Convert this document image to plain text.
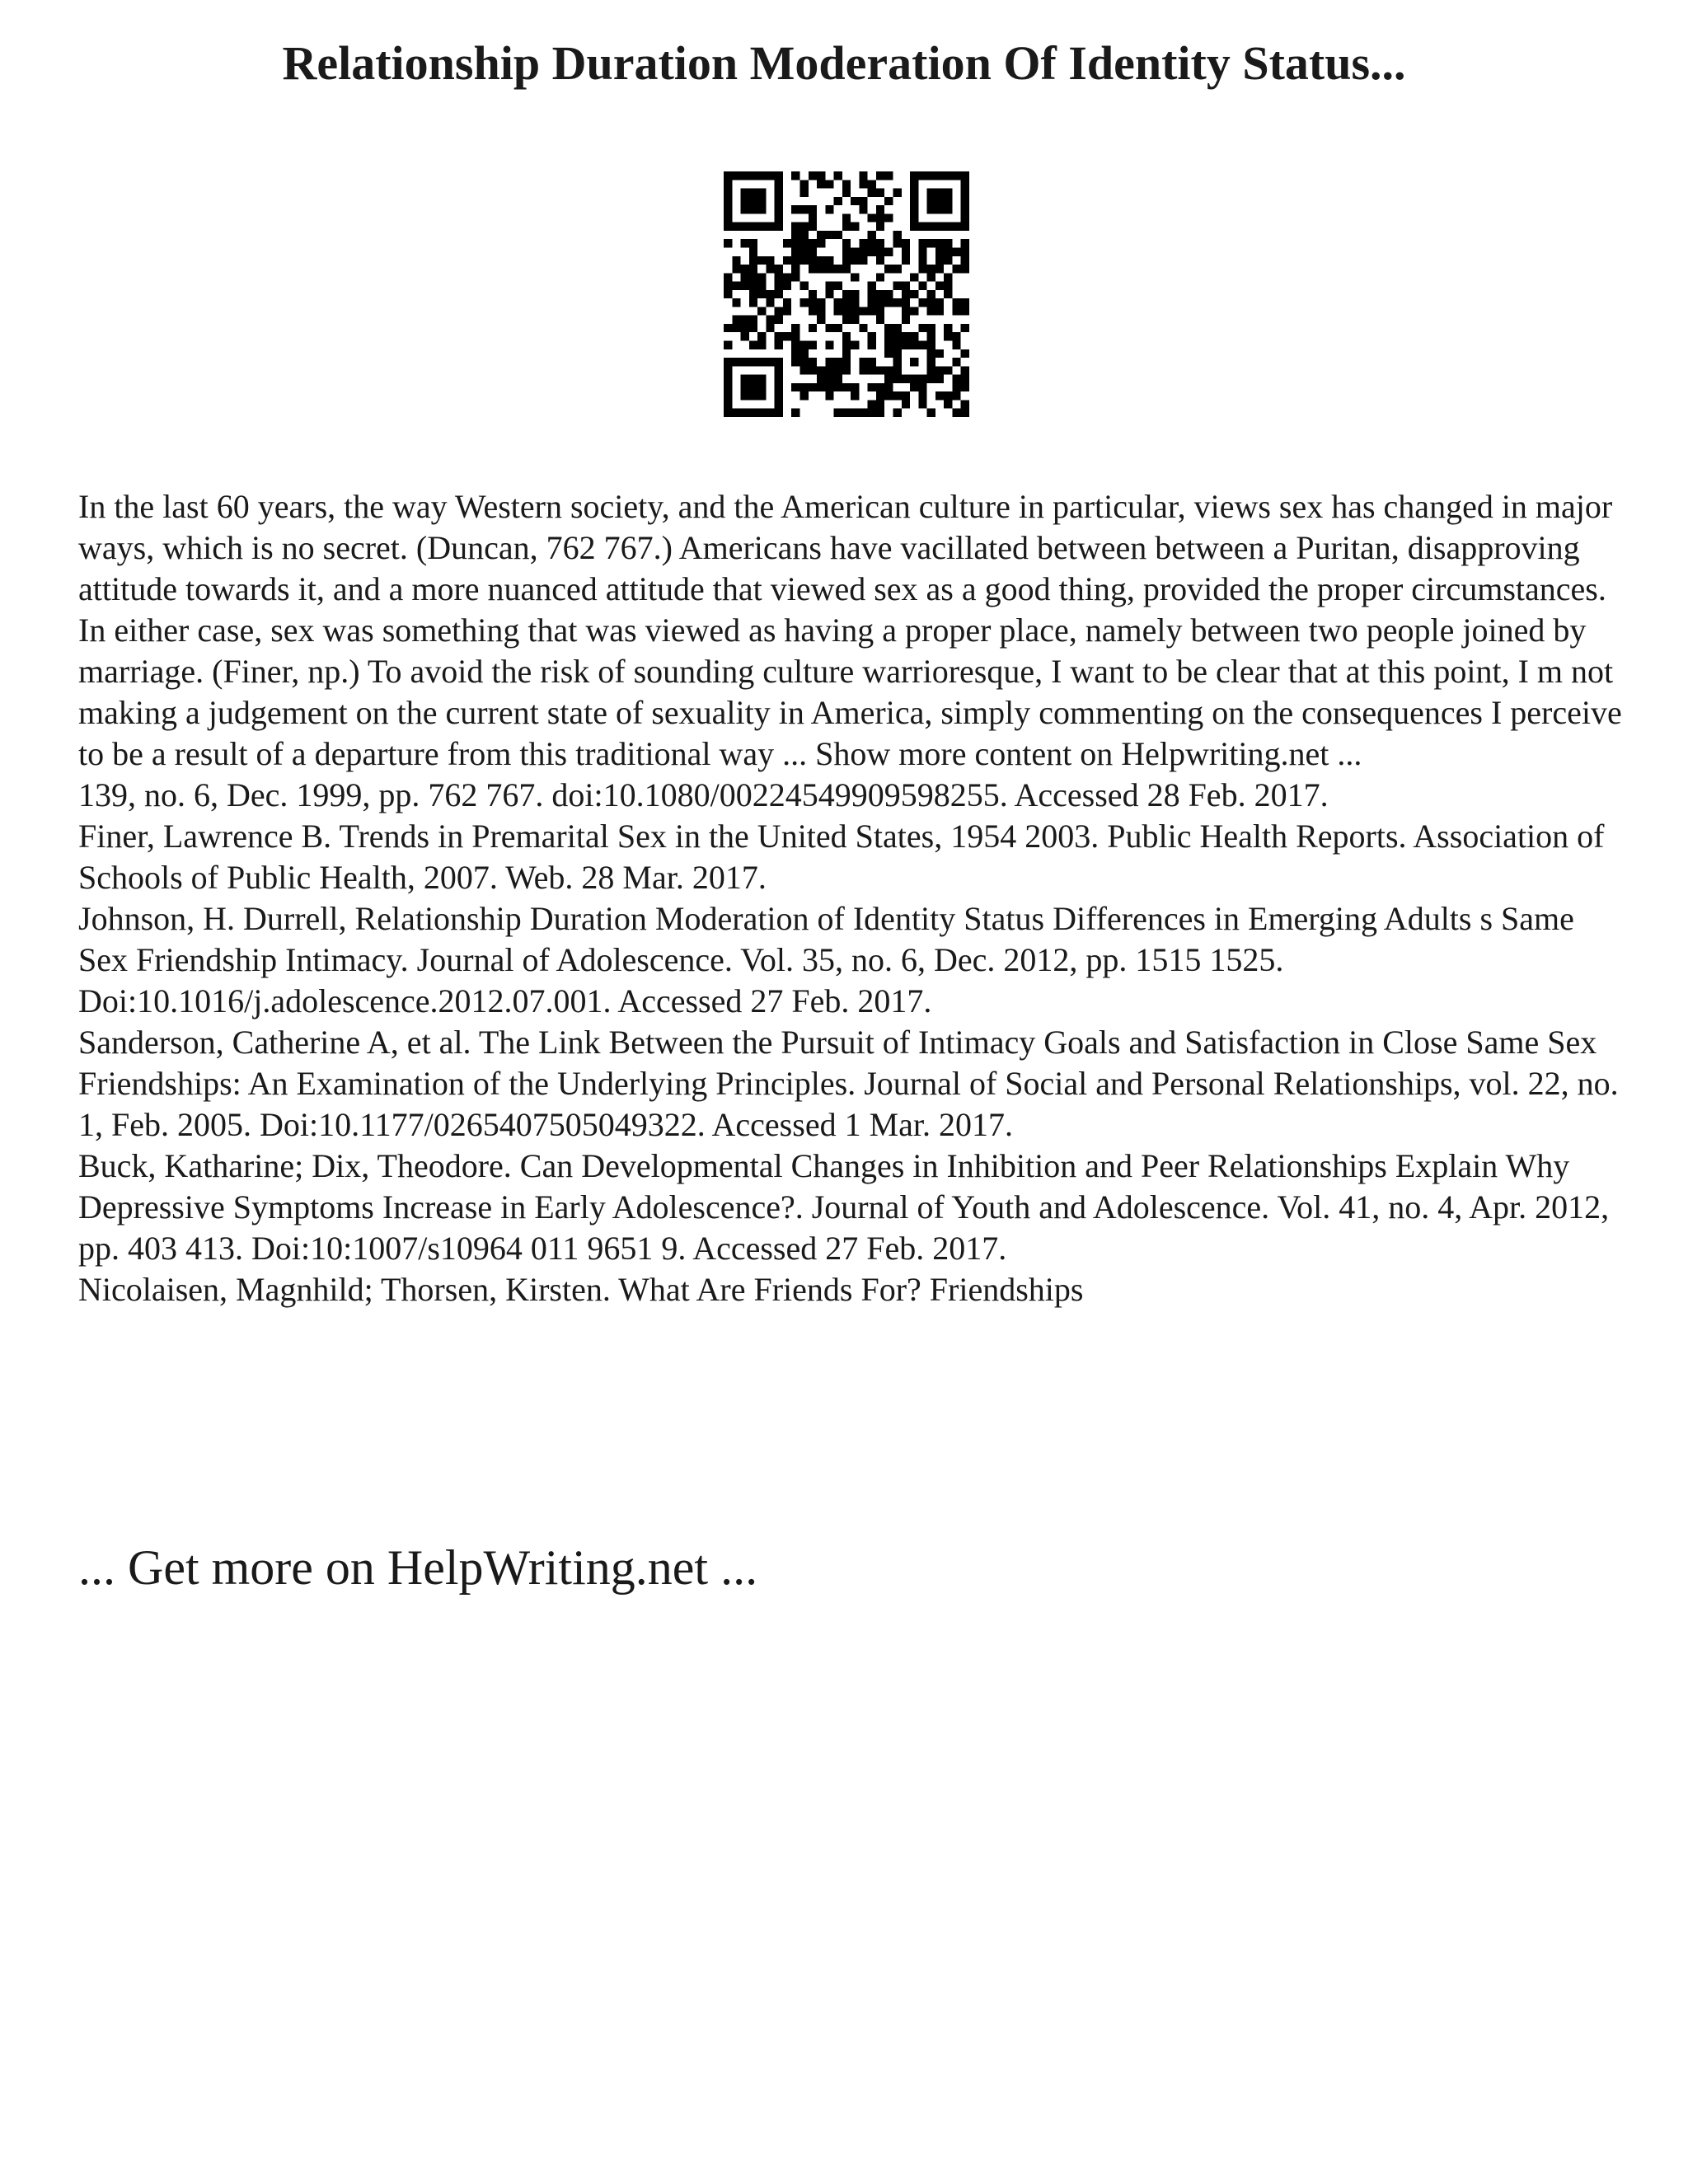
Relationship Duration Moderation Of Identity Status...

In the last 60 years, the way Western society, and the American culture in particular, views sex has changed in major ways, which is no secret. (Duncan, 762 767.) Americans have vacillated between between a Puritan, disapproving attitude towards it, and a more nuanced attitude that viewed sex as a good thing, provided the proper circumstances. In either case, sex was something that was viewed as having a proper place, namely between two people joined by marriage. (Finer, np.) To avoid the risk of sounding culture warrioresque, I want to be clear that at this point, I m not making a judgement on the current state of sexuality in America, simply commenting on the consequences I perceive to be a result of a departure from this traditional way ... Show more content on Helpwriting.net ...

139, no. 6, Dec. 1999, pp. 762 767. doi:10.1080/00224549909598255. Accessed 28 Feb. 2017.

Finer, Lawrence B. Trends in Premarital Sex in the United States, 1954 2003. Public Health Reports. Association of Schools of Public Health, 2007. Web. 28 Mar. 2017.

Johnson, H. Durrell, Relationship Duration Moderation of Identity Status Differences in Emerging Adults s Same Sex Friendship Intimacy. Journal of Adolescence. Vol. 35, no. 6, Dec. 2012, pp. 1515 1525. Doi:10.1016/j.adolescence.2012.07.001. Accessed 27 Feb. 2017.

Sanderson, Catherine A, et al. The Link Between the Pursuit of Intimacy Goals and Satisfaction in Close Same Sex Friendships: An Examination of the Underlying Principles. Journal of Social and Personal Relationships, vol. 22, no. 1, Feb. 2005. Doi:10.1177/0265407505049322. Accessed 1 Mar. 2017.

Buck, Katharine; Dix, Theodore. Can Developmental Changes in Inhibition and Peer Relationships Explain Why Depressive Symptoms Increase in Early Adolescence?. Journal of Youth and Adolescence. Vol. 41, no. 4, Apr. 2012, pp. 403 413. Doi:10:1007/s10964 011 9651 9. Accessed 27 Feb. 2017.

Nicolaisen, Magnhild; Thorsen, Kirsten. What Are Friends For? Friendships

... Get more on HelpWriting.net ...
